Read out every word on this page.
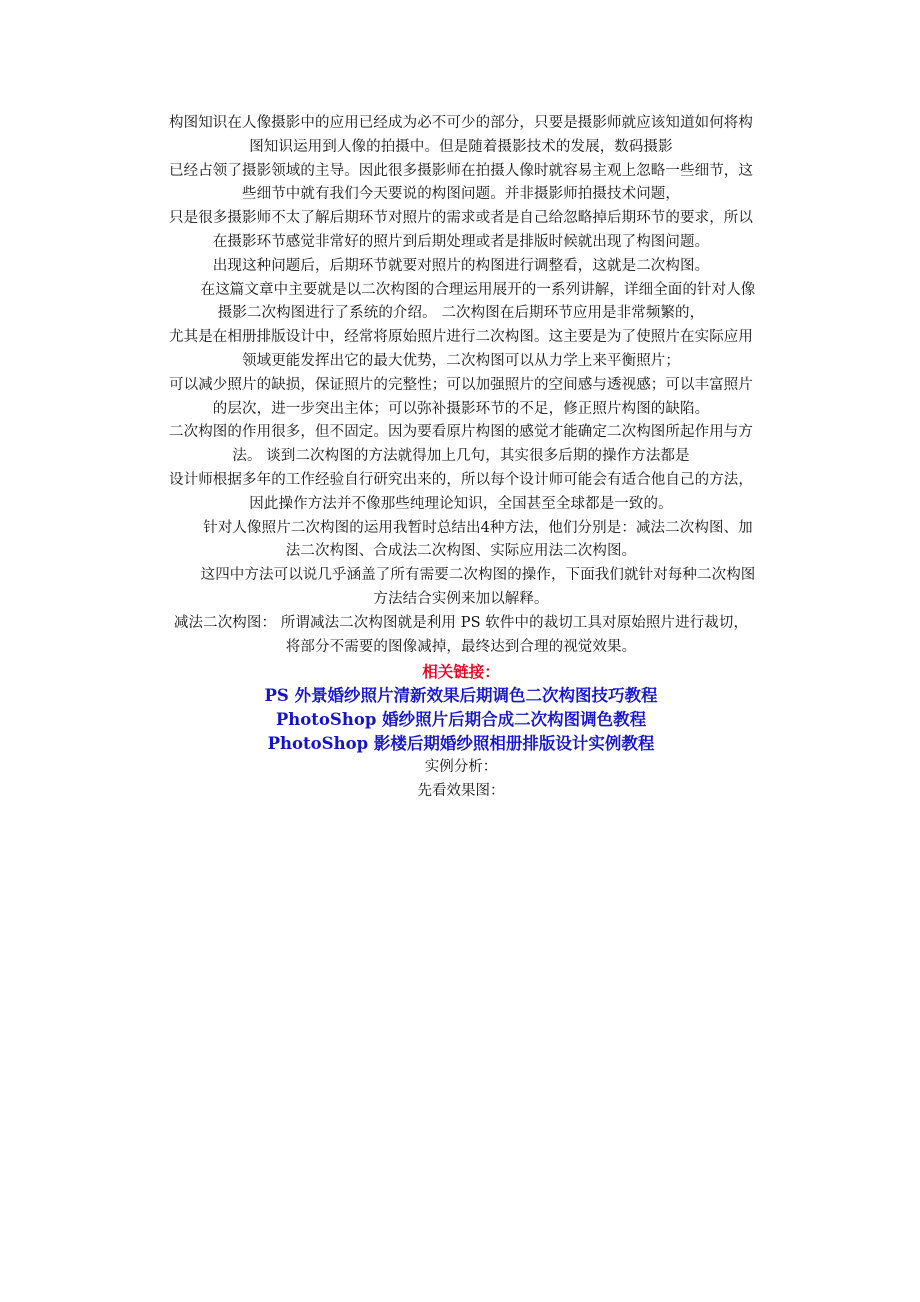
构图知识在人像摄影中的应用已经成为必不可少的部分，只要是摄影师就应该知道如何将构
图知识运用到人像的拍摄中。但是随着摄影技术的发展，数码摄影
已经占领了摄影领域的主导。因此很多摄影师在拍摄人像时就容易主观上忽略一些细节，这
些细节中就有我们今天要说的构图问题。并非摄影师拍摄技术问题，
只是很多摄影师不太了解后期环节对照片的需求或者是自己给忽略掉后期环节的要求，所以
在摄影环节感觉非常好的照片到后期处理或者是排版时候就出现了构图问题。
出现这种问题后，后期环节就要对照片的构图进行调整看，这就是二次构图。
在这篇文章中主要就是以二次构图的合理运用展开的一系列讲解，详细全面的针对人像
摄影二次构图进行了系统的介绍。 二次构图在后期环节应用是非常频繁的，
尤其是在相册排版设计中，经常将原始照片进行二次构图。这主要是为了使照片在实际应用
领域更能发挥出它的最大优势，二次构图可以从力学上来平衡照片；
可以减少照片的缺损，保证照片的完整性；可以加强照片的空间感与透视感；可以丰富照片
的层次，进一步突出主体；可以弥补摄影环节的不足，修正照片构图的缺陷。
二次构图的作用很多，但不固定。因为要看原片构图的感觉才能确定二次构图所起作用与方
法。 谈到二次构图的方法就得加上几句，其实很多后期的操作方法都是
设计师根据多年的工作经验自行研究出来的，所以每个设计师可能会有适合他自己的方法，
因此操作方法并不像那些纯理论知识，全国甚至全球都是一致的。
针对人像照片二次构图的运用我暂时总结出4种方法，他们分别是：减法二次构图、加
法二次构图、合成法二次构图、实际应用法二次构图。
这四中方法可以说几乎涵盖了所有需要二次构图的操作，下面我们就针对每种二次构图
方法结合实例来加以解释。
减法二次构图： 所谓减法二次构图就是利用 PS 软件中的裁切工具对原始照片进行裁切，
将部分不需要的图像减掉，最终达到合理的视觉效果。
相关链接：
PS 外景婚纱照片清新效果后期调色二次构图技巧教程
PhotoShop 婚纱照片后期合成二次构图调色教程
PhotoShop 影楼后期婚纱照相册排版设计实例教程
实例分析：
先看效果图：
